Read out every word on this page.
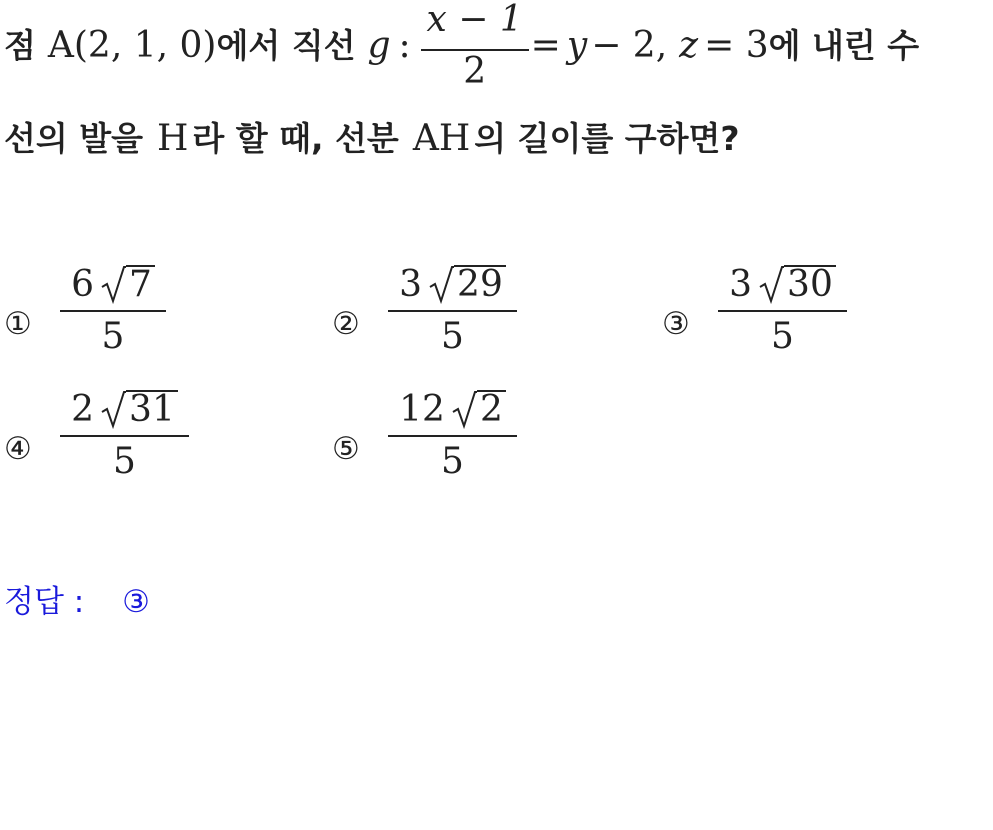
점 A(2, 1, 0) 에서 직선 g : $\frac{x - 1}{2} = y - 2$, z = 3 에 내린 수
선의 발을 H 라 할 때, 선분 AH 의 길이를 구하면?
①
6 7
5	②
3 29
5	③
3 30
5
④
2 31
5	⑤
12 2
5
정답 : ③
